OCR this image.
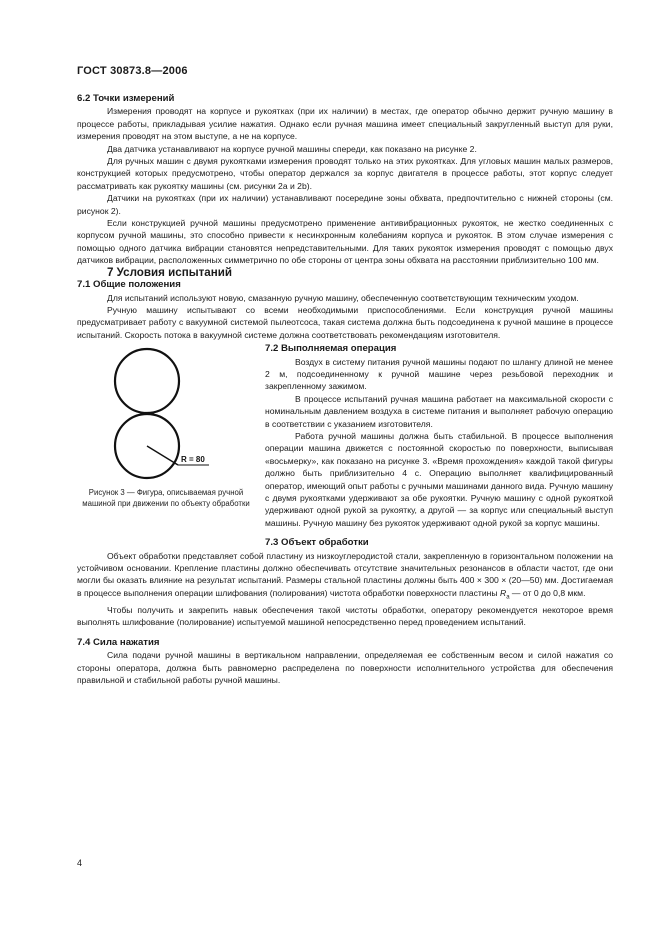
ГОСТ 30873.8—2006

6.2 Точки измерений

Измерения проводят на корпусе и рукоятках (при их наличии) в местах, где оператор обычно держит ручную машину в процессе работы, прикладывая усилие нажатия. Однако если ручная машина имеет специальный закругленный выступ для руки, измерения проводят на этом выступе, а не на корпусе.

Два датчика устанавливают на корпусе ручной машины спереди, как показано на рисунке 2.

Для ручных машин с двумя рукоятками измерения проводят только на этих рукоятках. Для угловых машин малых размеров, конструкцией которых предусмотрено, чтобы оператор держался за корпус двигателя в процессе работы, этот корпус следует рассматривать как рукоятку машины (см. рисунки 2a и 2b).

Датчики на рукоятках (при их наличии) устанавливают посередине зоны обхвата, предпочтительно с нижней стороны (см. рисунок 2).

Если конструкцией ручной машины предусмотрено применение антивибрационных рукояток, не жестко соединенных с корпусом ручной машины, это способно привести к несинхронным колебаниям корпуса и рукояток. В этом случае измерения с помощью одного датчика вибрации становятся непредставительными. Для таких рукояток измерения проводят с помощью двух датчиков вибрации, расположенных симметрично по обе стороны от центра зоны обхвата на расстоянии приблизительно 100 мм.

7 Условия испытаний

7.1 Общие положения

Для испытаний используют новую, смазанную ручную машину, обеспеченную соответствующим техническим уходом.

Ручную машину испытывают со всеми необходимыми приспособлениями. Если конструкция ручной машины предусматривает работу с вакуумной системой пылеотсоса, такая система должна быть подсоединена к ручной машине в процессе испытаний. Скорость потока в вакуумной системе должна соответствовать рекомендациям изготовителя.

R = 80
Рисунок 3 — Фигура, описываемая ручной машиной при движении по объекту обработки

7.2 Выполняемая операция

Воздух в систему питания ручной машины подают по шлангу длиной не менее 2 м, подсоединенному к ручной машине через резьбовой переходник и закрепленному зажимом.

В процессе испытаний ручная машина работает на максимальной скорости с номинальным давлением воздуха в системе питания и выполняет рабочую операцию в соответствии с указанием изготовителя.

Работа ручной машины должна быть стабильной. В процессе выполнения операции машина движется с постоянной скоростью по поверхности, выписывая «восьмерку», как показано на рисунке 3. «Время прохождения» каждой такой фигуры должно быть приблизительно 4 с. Операцию выполняет квалифицированный оператор, имеющий опыт работы с ручными машинами данного вида. Ручную машину с двумя рукоятками удерживают за обе рукоятки. Ручную машину с одной рукояткой удерживают одной рукой за рукоятку, а другой — за корпус или специальный выступ машины. Ручную машину без рукояток удерживают одной рукой за корпус машины.

7.3 Объект обработки

Объект обработки представляет собой пластину из низкоуглеродистой стали, закрепленную в горизонтальном положении на устойчивом основании. Крепление пластины должно обеспечивать отсутствие значительных резонансов в области частот, где они могли бы оказать влияние на результат испытаний. Размеры стальной пластины должны быть 400 × 300 × (20—50) мм. Достигаемая в процессе выполнения операции шлифования (полирования) чистота обработки поверхности пластины $R_a$ — от 0 до 0,8 мкм.

Чтобы получить и закрепить навык обеспечения такой чистоты обработки, оператору рекомендуется некоторое время выполнять шлифование (полирование) испытуемой машиной непосредственно перед проведением испытаний.

7.4 Сила нажатия

Сила подачи ручной машины в вертикальном направлении, определяемая ее собственным весом и силой нажатия со стороны оператора, должна быть равномерно распределена по поверхности исполнительного устройства для обеспечения правильной и стабильной работы ручной машины.

4
